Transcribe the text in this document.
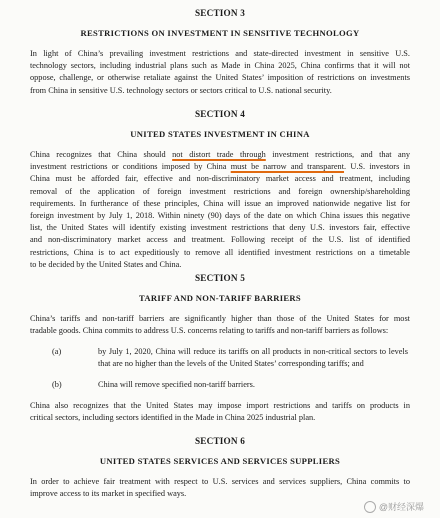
SECTION 3

RESTRICTIONS ON INVESTMENT IN SENSITIVE TECHNOLOGY

In light of China’s prevailing investment restrictions and state-directed investment in sensitive U.S.
technology sectors, including industrial plans such as Made in China 2025, China confirms that it will not
oppose, challenge, or otherwise retaliate against the United States’ imposition of restrictions on investments
from China in sensitive U.S. technology sectors or sectors critical to U.S. national security.

SECTION 4

UNITED STATES INVESTMENT IN CHINA

China recognizes that China should not distort trade through investment restrictions, and that any
investment restrictions or conditions imposed by China must be narrow and transparent. U.S. investors in
China must be afforded fair, effective and non-discriminatory market access and treatment, including
removal of the application of foreign investment restrictions and foreign ownership/shareholding
requirements. In furtherance of these principles, China will issue an improved nationwide negative list for
foreign investment by July 1, 2018. Within ninety (90) days of the date on which China issues this negative
list, the United States will identify existing investment restrictions that deny U.S. investors fair, effective
and non-discriminatory market access and treatment. Following receipt of the U.S. list of identified
restrictions, China is to act expeditiously to remove all identified investment restrictions on a timetable
to be decided by the United States and China.

SECTION 5

TARIFF AND NON-TARIFF BARRIERS

China’s tariffs and non-tariff barriers are significantly higher than those of the United States for most
tradable goods. China commits to address U.S. concerns relating to tariffs and non-tariff barriers as follows:
(a)	by July 1, 2020, China will reduce its tariffs on all products in non-critical sectors to levels
that are no higher than the levels of the United States’ corresponding tariffs; and
(b)	China will remove specified non-tariff barriers.
China also recognizes that the United States may impose import restrictions and tariffs on products in
critical sectors, including sectors identified in the Made in China 2025 industrial plan.

SECTION 6

UNITED STATES SERVICES AND SERVICES SUPPLIERS

In order to achieve fair treatment with respect to U.S. services and services suppliers, China commits to
improve access to its market in specified ways.
@财经深爆
